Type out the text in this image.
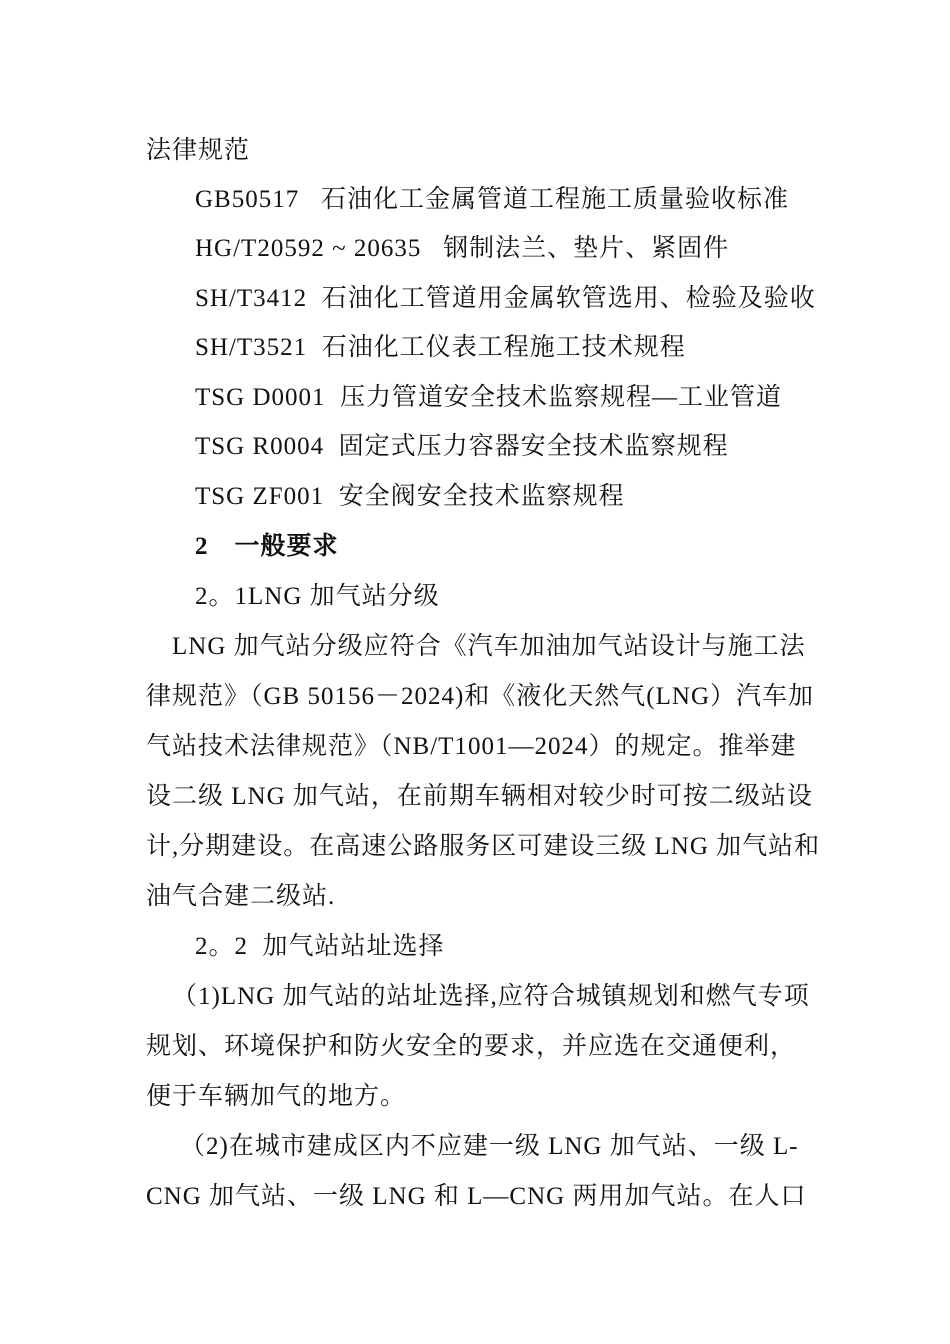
法律规范
GB50517 石油化工金属管道工程施工质量验收标准
HG/T20592 ~ 20635 钢制法兰、垫片、紧固件
SH/T3412 石油化工管道用金属软管选用、检验及验收
SH/T3521 石油化工仪表工程施工技术规程
TSG D0001 压力管道安全技术监察规程—工业管道
TSG R0004 固定式压力容器安全技术监察规程
TSG ZF001 安全阀安全技术监察规程
2　一般要求
2。1LNG 加气站分级
LNG 加气站分级应符合《汽车加油加气站设计与施工法
律规范》（GB 50156－2024)和《液化天然气(LNG）汽车加
气站技术法律规范》（NB/T1001—2024）的规定。推举建
设二级 LNG 加气站，在前期车辆相对较少时可按二级站设
计,分期建设。在高速公路服务区可建设三级 LNG 加气站和
油气合建二级站.
2。2  加气站站址选择
（1)LNG 加气站的站址选择,应符合城镇规划和燃气专项
规划、环境保护和防火安全的要求，并应选在交通便利，
便于车辆加气的地方。
（2)在城市建成区内不应建一级 LNG 加气站、一级 L-
CNG 加气站、一级 LNG 和 L—CNG 两用加气站。在人口
